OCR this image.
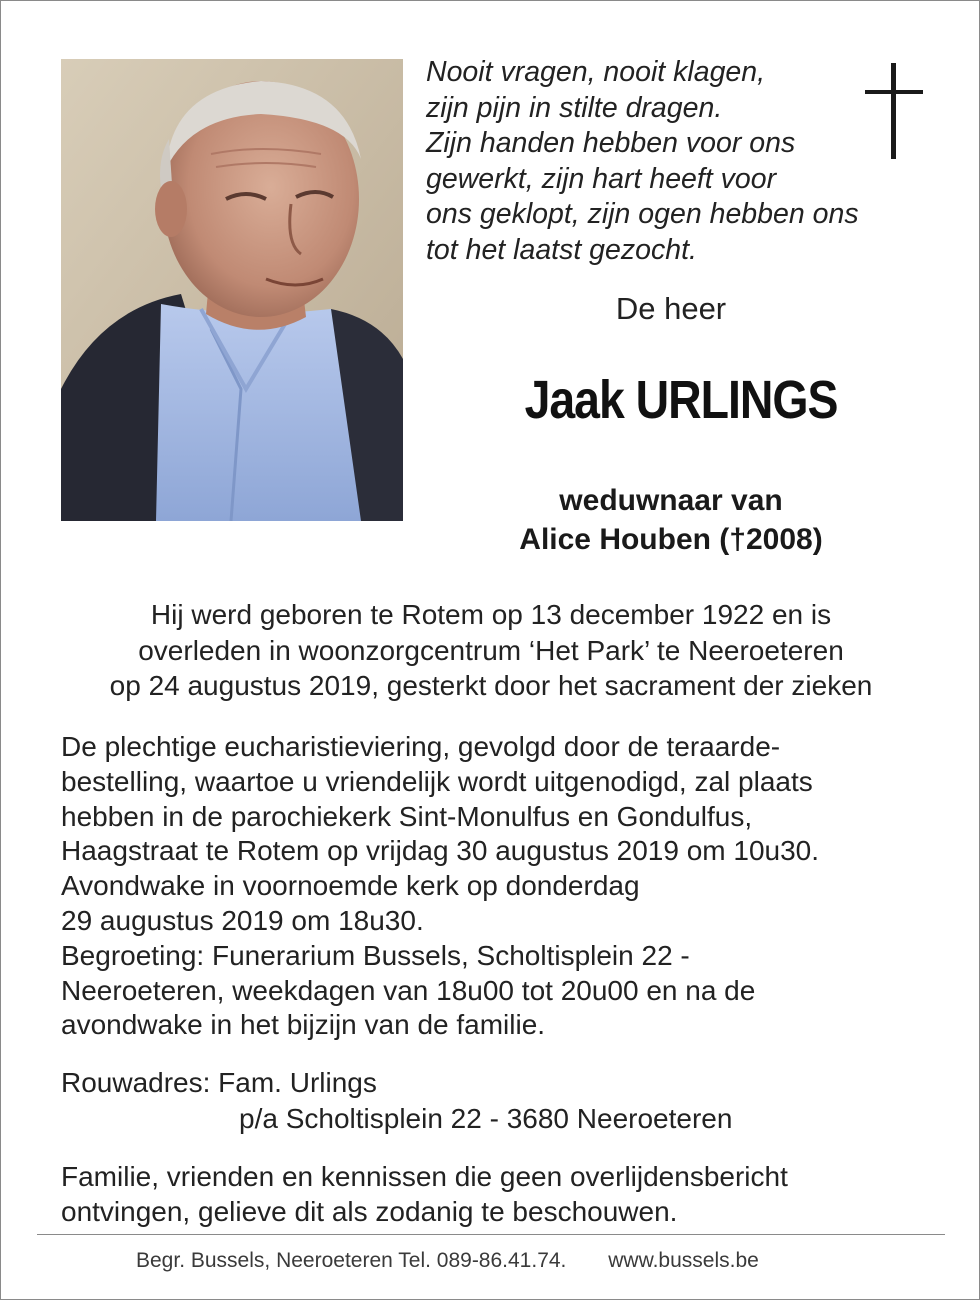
Nooit vragen, nooit klagen,
zijn pijn in stilte dragen.
Zijn handen hebben voor ons
gewerkt, zijn hart heeft voor
ons geklopt, zijn ogen hebben ons
tot het laatst gezocht.
De heer
Jaak URLINGS
weduwnaar van
Alice Houben (†2008)
Hij werd geboren te Rotem op 13 december 1922 en is
overleden in woonzorgcentrum ‘Het Park’ te Neeroeteren
op 24 augustus 2019, gesterkt door het sacrament der zieken
De plechtige eucharistieviering, gevolgd door de teraarde-
bestelling, waartoe u vriendelijk wordt uitgenodigd, zal plaats
hebben in de parochiekerk Sint-Monulfus en Gondulfus,
Haagstraat te Rotem op vrijdag 30 augustus 2019 om 10u30.
Avondwake in voornoemde kerk op donderdag
29 augustus 2019 om 18u30.
Begroeting: Funerarium Bussels, Scholtisplein 22 -
Neeroeteren, weekdagen van 18u00 tot 20u00 en na de
avondwake in het bijzijn van de familie.
Rouwadres: Fam. Urlings
p/a Scholtisplein 22 - 3680 Neeroeteren
Familie, vrienden en kennissen die geen overlijdensbericht
ontvingen, gelieve dit als zodanig te beschouwen.
Begr. Bussels, Neeroeteren Tel. 089-86.41.74. www.bussels.be
